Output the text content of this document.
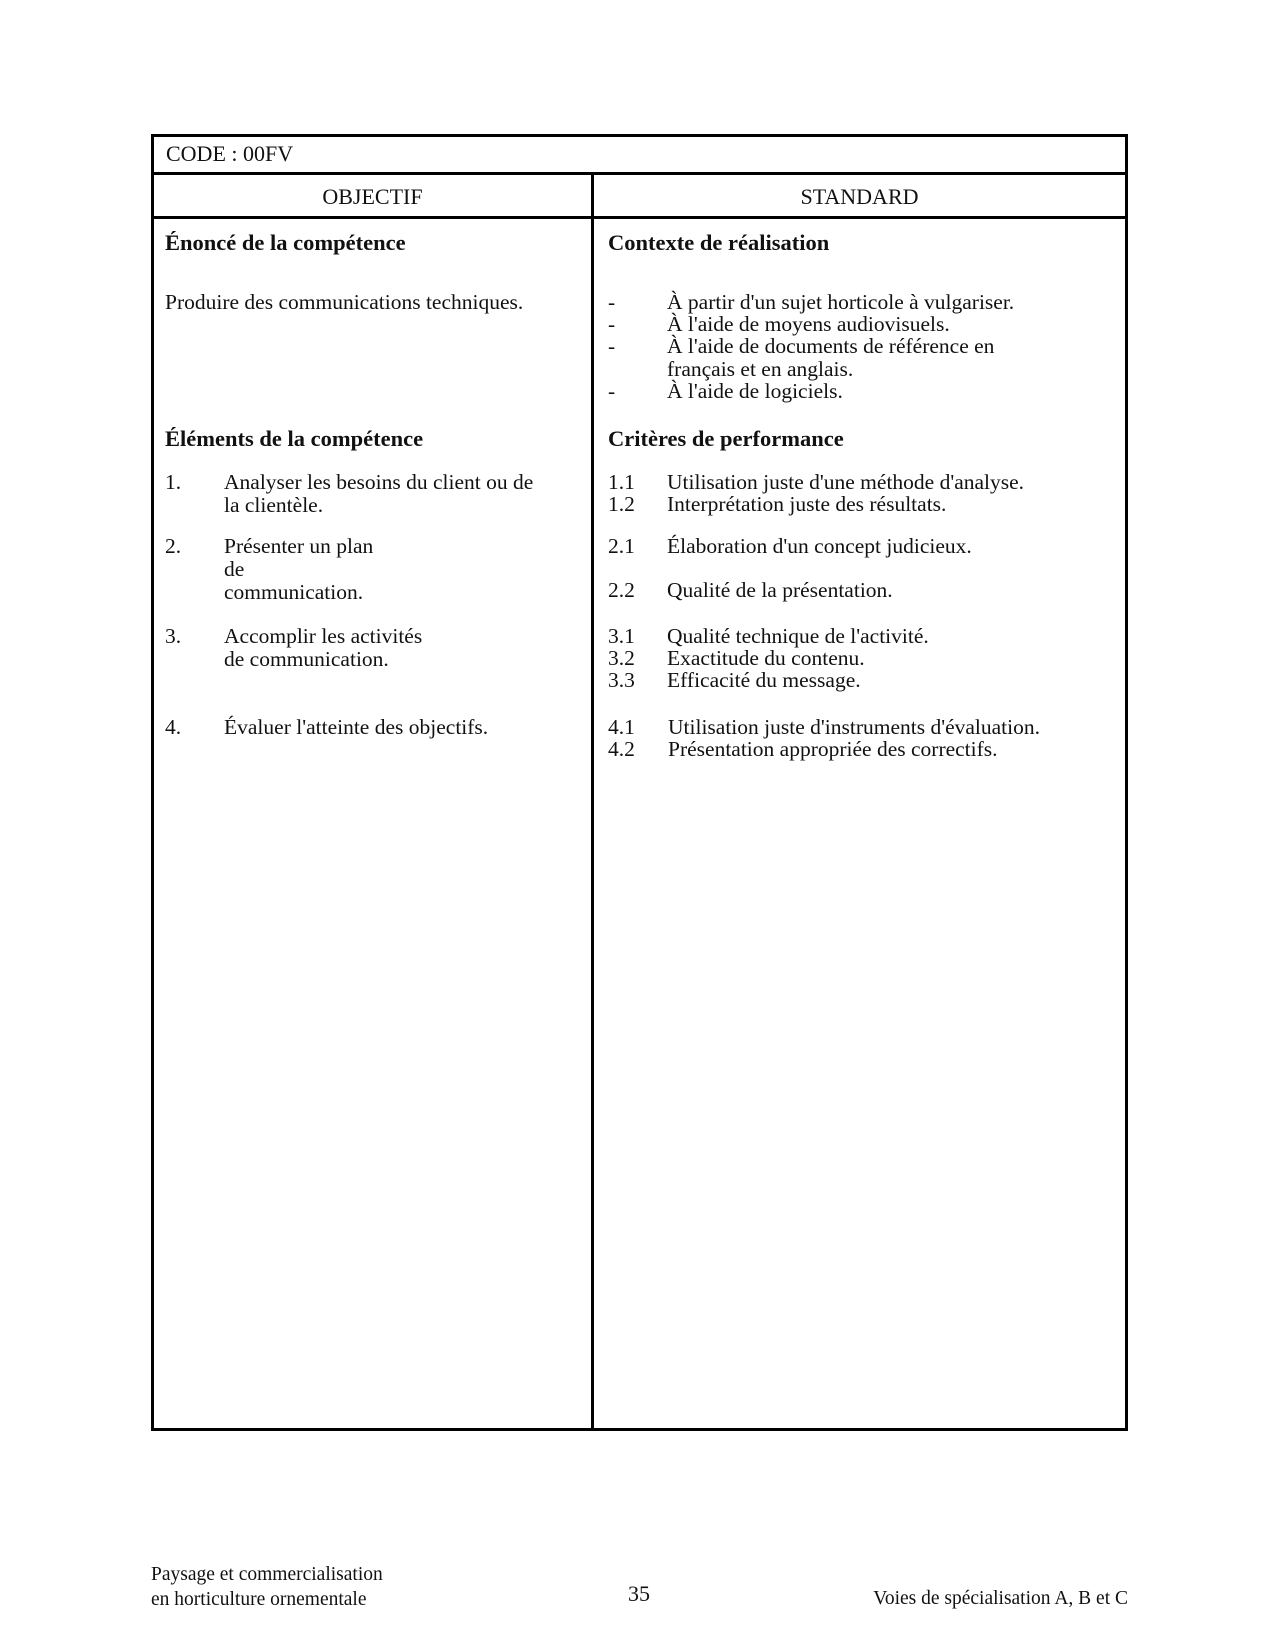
CODE : 00FV
OBJECTIF	STANDARD
Énoncé de la compétence
Produire des communications techniques.
Éléments de la compétence
1. Analyser les besoins du client ou de la clientèle.
2. Présenter un plan de communication.
3. Accomplir les activités de communication.
4. Évaluer l'atteinte des objectifs.
Contexte de réalisation
- À partir d'un sujet horticole à vulgariser.
- À l'aide de moyens audiovisuels.
- À l'aide de documents de référence en français et en anglais.
- À l'aide de logiciels.
Critères de performance
1.1 Utilisation juste d'une méthode d'analyse.
1.2 Interprétation juste des résultats.
2.1 Élaboration d'un concept judicieux.
2.2 Qualité de la présentation.
3.1 Qualité technique de l'activité.
3.2 Exactitude du contenu.
3.3 Efficacité du message.
4.1 Utilisation juste d'instruments d'évaluation.
4.2 Présentation appropriée des correctifs.
Paysage et commercialisation
en horticulture ornementale	35	Voies de spécialisation A, B et C
